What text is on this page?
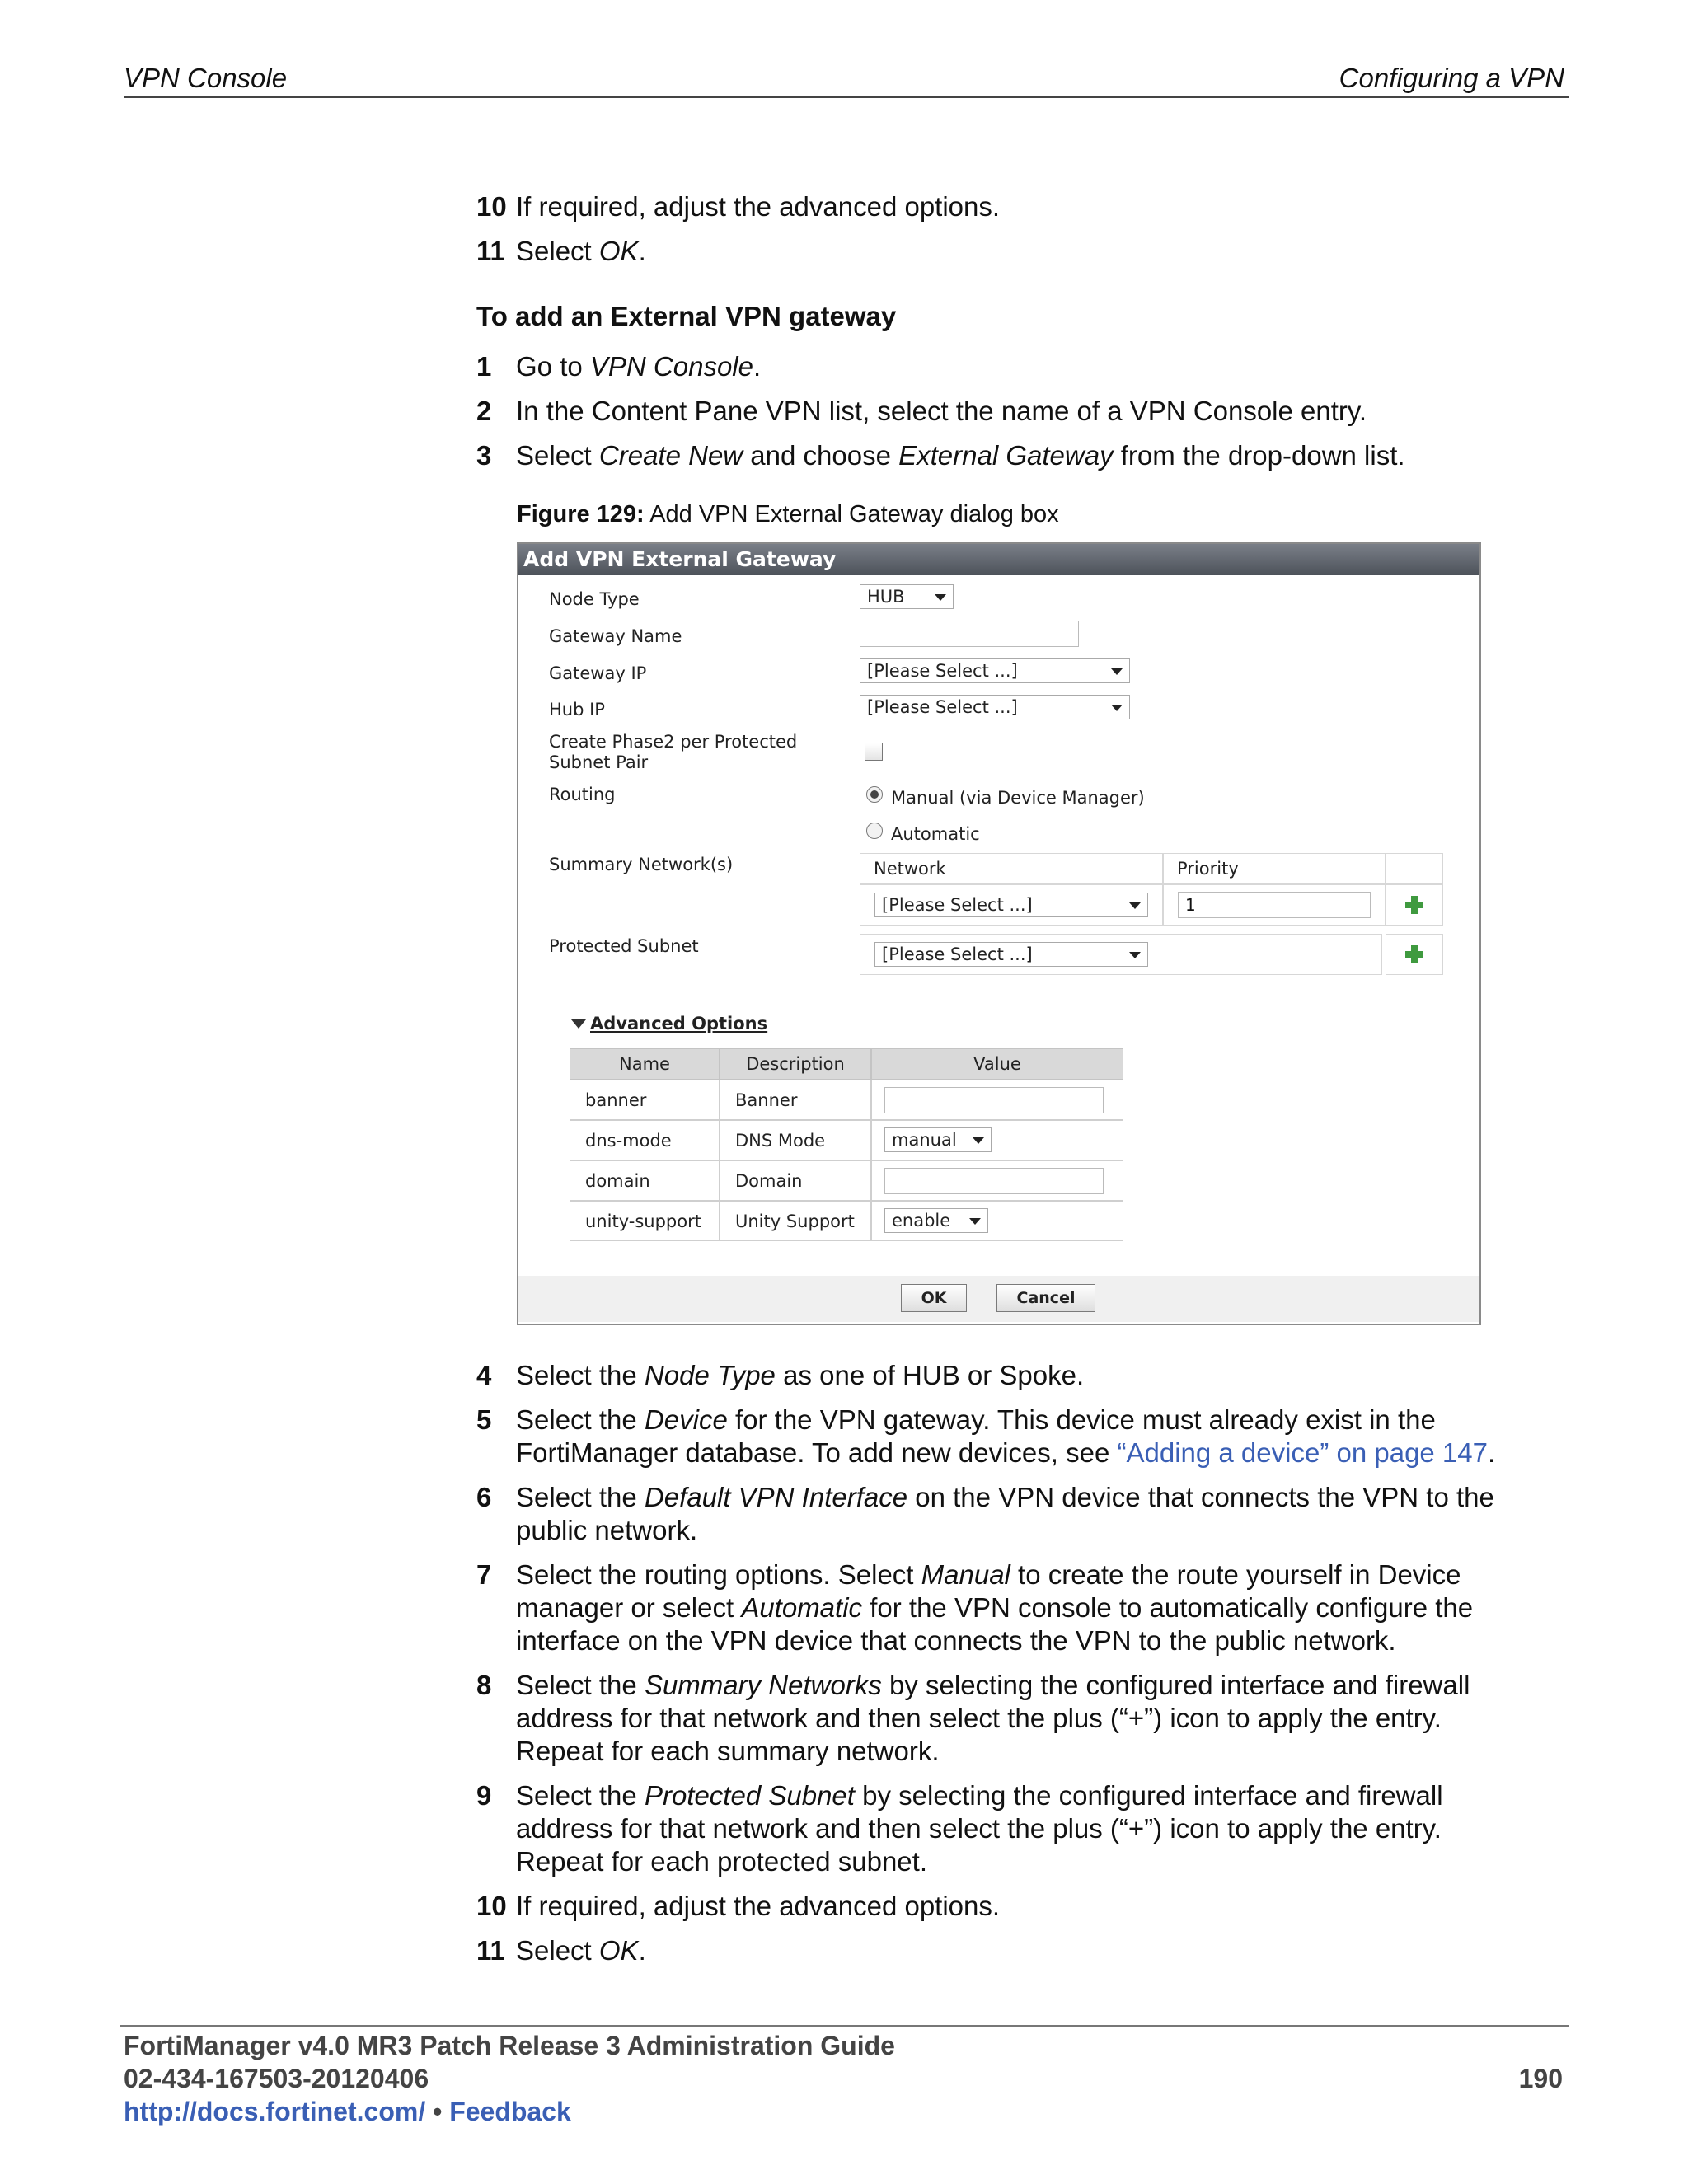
VPN Console	Configuring a VPN
10 If required, adjust the advanced options.
11 Select OK.
To add an External VPN gateway
1 Go to VPN Console.
2 In the Content Pane VPN list, select the name of a VPN Console entry.
3 Select Create New and choose External Gateway from the drop-down list.
Figure 129: Add VPN External Gateway dialog box
Add VPN External Gateway
Node Type	HUB
Gateway Name
Gateway IP	[Please Select ...]
Hub IP	[Please Select ...]
Create Phase2 per Protected
Subnet Pair
Routing	Manual (via Device Manager)
Automatic
Summary Network(s)	Network	Priority
[Please Select ...]	1
Protected Subnet	[Please Select ...]
Advanced Options
Name	Description	Value
banner	Banner
dns-mode	DNS Mode	manual
domain	Domain
unity-support	Unity Support	enable
OK	Cancel
4 Select the Node Type as one of HUB or Spoke.
5 Select the Device for the VPN gateway. This device must already exist in the
FortiManager database. To add new devices, see “Adding a device” on page 147.
6 Select the Default VPN Interface on the VPN device that connects the VPN to the
public network.
7 Select the routing options. Select Manual to create the route yourself in Device
manager or select Automatic for the VPN console to automatically configure the
interface on the VPN device that connects the VPN to the public network.
8 Select the Summary Networks by selecting the configured interface and firewall
address for that network and then select the plus (“+”) icon to apply the entry.
Repeat for each summary network.
9 Select the Protected Subnet by selecting the configured interface and firewall
address for that network and then select the plus (“+”) icon to apply the entry.
Repeat for each protected subnet.
10 If required, adjust the advanced options.
11 Select OK.
FortiManager v4.0 MR3 Patch Release 3 Administration Guide
02-434-167503-20120406
http://docs.fortinet.com/ • Feedback
190
